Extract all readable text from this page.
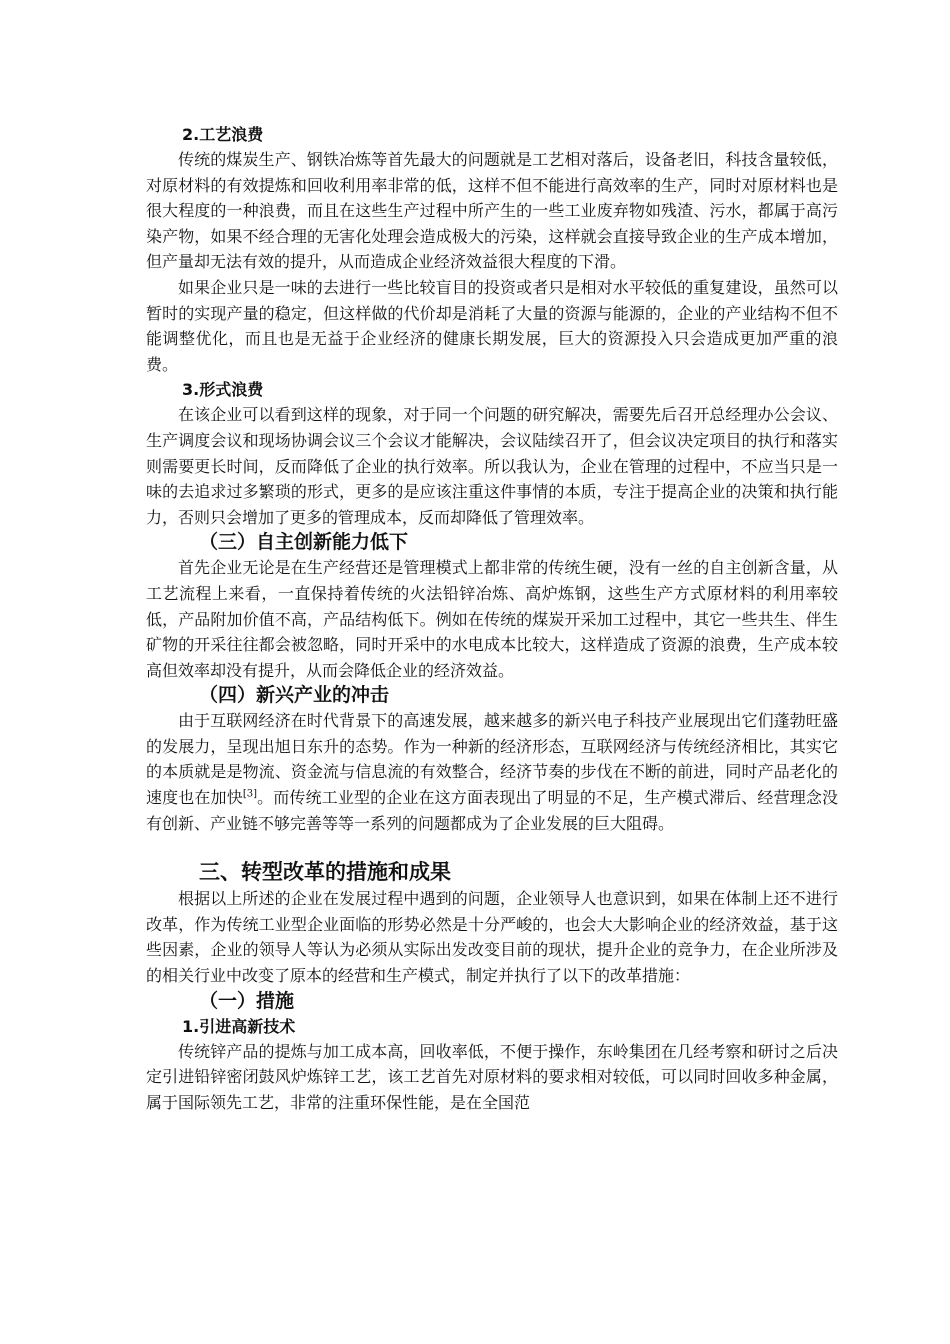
2.工艺浪费

传统的煤炭生产、钢铁冶炼等首先最大的问题就是工艺相对落后，设备老旧，科技含量较低，对原材料的有效提炼和回收利用率非常的低，这样不但不能进行高效率的生产，同时对原材料也是很大程度的一种浪费，而且在这些生产过程中所产生的一些工业废弃物如残渣、污水，都属于高污染产物，如果不经合理的无害化处理会造成极大的污染，这样就会直接导致企业的生产成本增加，但产量却无法有效的提升，从而造成企业经济效益很大程度的下滑。

如果企业只是一味的去进行一些比较盲目的投资或者只是相对水平较低的重复建设，虽然可以暂时的实现产量的稳定，但这样做的代价却是消耗了大量的资源与能源的，企业的产业结构不但不能调整优化，而且也是无益于企业经济的健康长期发展，巨大的资源投入只会造成更加严重的浪费。

3.形式浪费

在该企业可以看到这样的现象，对于同一个问题的研究解决，需要先后召开总经理办公会议、生产调度会议和现场协调会议三个会议才能解决，会议陆续召开了，但会议决定项目的执行和落实则需要更长时间，反而降低了企业的执行效率。所以我认为，企业在管理的过程中，不应当只是一味的去追求过多繁琐的形式，更多的是应该注重这件事情的本质，专注于提高企业的决策和执行能力，否则只会增加了更多的管理成本，反而却降低了管理效率。

（三）自主创新能力低下

首先企业无论是在生产经营还是管理模式上都非常的传统生硬，没有一丝的自主创新含量，从工艺流程上来看，一直保持着传统的火法铅锌冶炼、高炉炼钢，这些生产方式原材料的利用率较低，产品附加价值不高，产品结构低下。例如在传统的煤炭开采加工过程中，其它一些共生、伴生矿物的开采往往都会被忽略，同时开采中的水电成本比较大，这样造成了资源的浪费，生产成本较高但效率却没有提升，从而会降低企业的经济效益。

（四）新兴产业的冲击

由于互联网经济在时代背景下的高速发展，越来越多的新兴电子科技产业展现出它们蓬勃旺盛的发展力，呈现出旭日东升的态势。作为一种新的经济形态，互联网经济与传统经济相比，其实它的本质就是是物流、资金流与信息流的有效整合，经济节奏的步伐在不断的前进，同时产品老化的速度也在加快[3]。而传统工业型的企业在这方面表现出了明显的不足，生产模式滞后、经营理念没有创新、产业链不够完善等等一系列的问题都成为了企业发展的巨大阻碍。

三、转型改革的措施和成果

根据以上所述的企业在发展过程中遇到的问题，企业领导人也意识到，如果在体制上还不进行改革，作为传统工业型企业面临的形势必然是十分严峻的，也会大大影响企业的经济效益，基于这些因素，企业的领导人等认为必须从实际出发改变目前的现状，提升企业的竞争力，在企业所涉及的相关行业中改变了原本的经营和生产模式，制定并执行了以下的改革措施：

（一）措施
1.引进高新技术

传统锌产品的提炼与加工成本高，回收率低，不便于操作，东岭集团在几经考察和研讨之后决定引进铅锌密闭鼓风炉炼锌工艺，该工艺首先对原材料的要求相对较低，可以同时回收多种金属，属于国际领先工艺，非常的注重环保性能，是在全国范
